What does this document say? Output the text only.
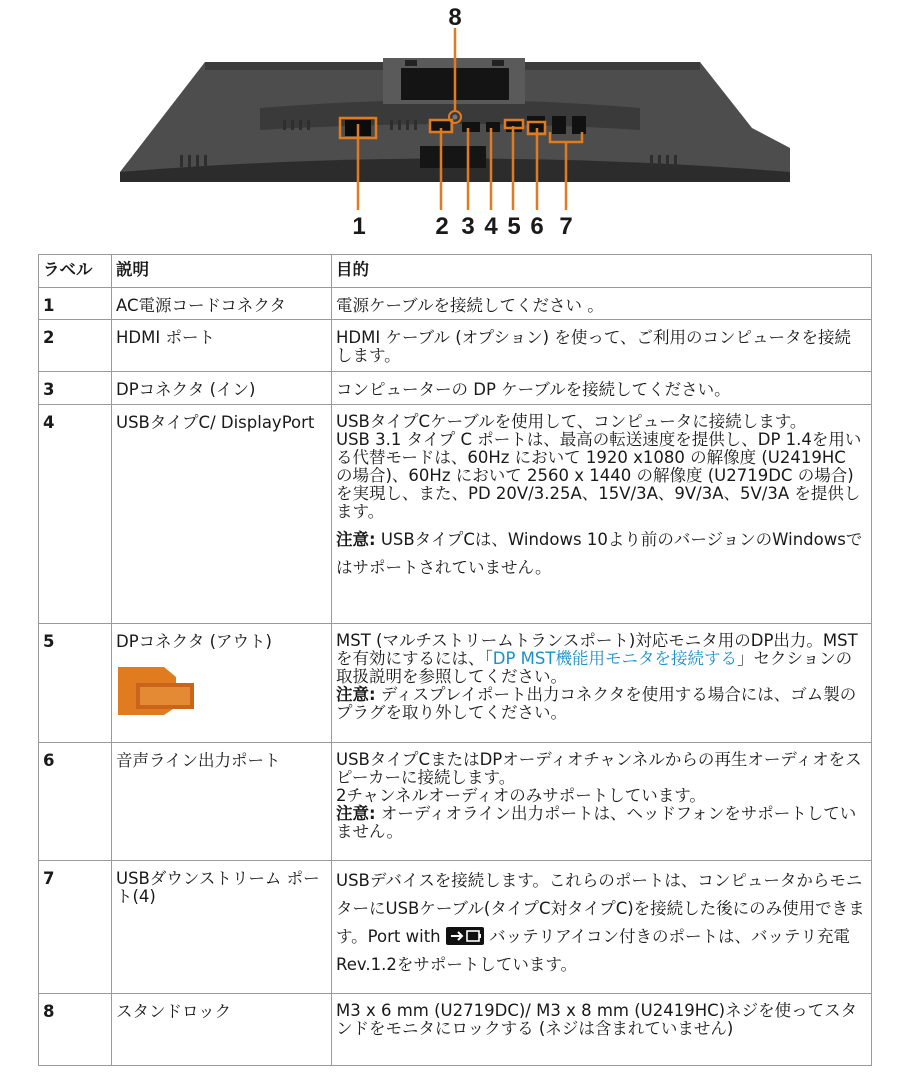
8
1	2 3 4 5 6 7
ラベル	説明	目的
1	AC電源コードコネクタ	電源ケーブルを接続してください 。

2	HDMI ポート	HDMI ケーブル (オプション) を使って、ご利用のコンピュータを接続します。

3	DPコネクタ (イン)	コンピューターの DP ケーブルを接続してください。

4	USBタイプC/ DisplayPort	USBタイプCケーブルを使用して、コンピュータに接続します。
USB 3.1 タイプ C ポートは、最高の転送速度を提供し、DP 1.4を用いる代替モードは、60Hz において 1920 x1080 の解像度 (U2419HC の場合)、60Hz において 2560 x 1440 の解像度 (U2719DC の場合) を実現し、また、PD 20V/3.25A、15V/3A、9V/3A、5V/3A を提供します。
注意: USBタイプCは、Windows 10より前のバージョンのWindowsではサポートされていません。

5	DPコネクタ (アウト)	MST (マルチストリームトランスポート)対応モニタ用のDP出力。MSTを有効にするには、「DP MST機能用モニタを接続する」セクションの取扱説明を参照してください。
注意: ディスプレイポート出力コネクタを使用する場合には、ゴム製のプラグを取り外してください。

6	音声ライン出力ポート	USBタイプCまたはDPオーディオチャンネルからの再生オーディオをスピーカーに接続します。
2チャンネルオーディオのみサポートしています。
注意: オーディオライン出力ポートは、ヘッドフォンをサポートしていません。

7	USBダウンストリーム ポート(4)	USBデバイスを接続します。これらのポートは、コンピュータからモニターにUSBケーブル(タイプC対タイプC)を接続した後にのみ使用できます。Port with バッテリアイコン付きのポートは、バッテリ充電Rev.1.2をサポートしています。

8	スタンドロック	M3 x 6 mm (U2719DC)/ M3 x 8 mm (U2419HC)ネジを使ってスタンドをモニタにロックする (ネジは含まれていません)
